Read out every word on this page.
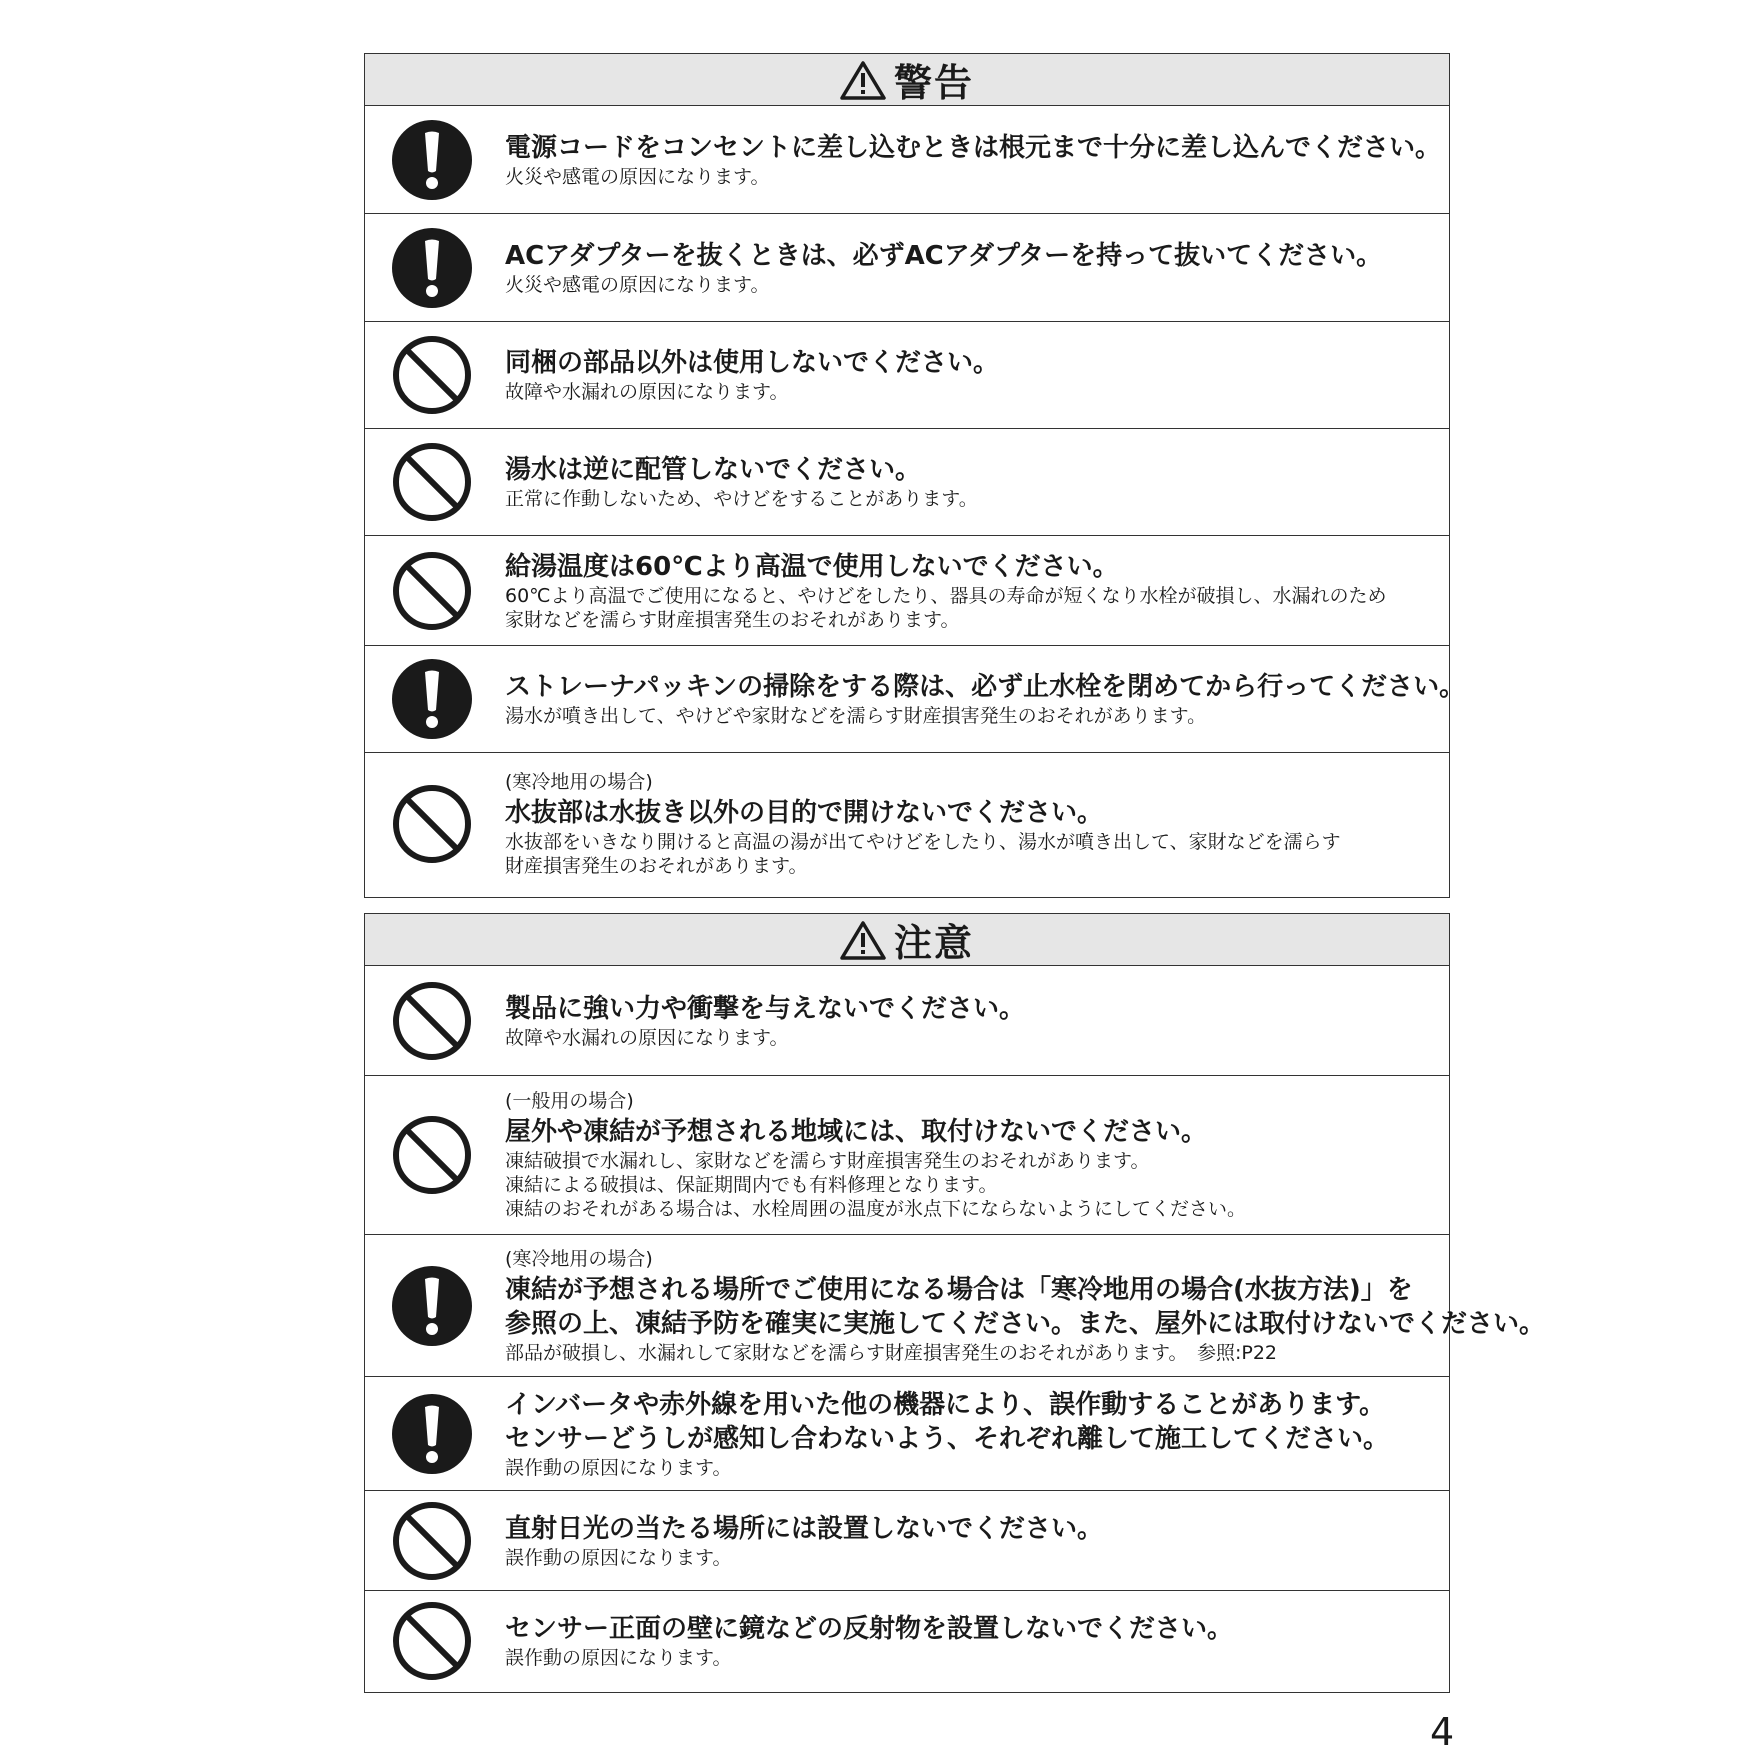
警告
電源コードをコンセントに差し込むときは根元まで十分に差し込んでください。
火災や感電の原因になります。
ACアダプターを抜くときは、必ずACアダプターを持って抜いてください。
火災や感電の原因になります。
同梱の部品以外は使用しないでください。
故障や水漏れの原因になります。
湯水は逆に配管しないでください。
正常に作動しないため、やけどをすることがあります。
給湯温度は60℃より高温で使用しないでください。
60℃より高温でご使用になると、やけどをしたり、器具の寿命が短くなり水栓が破損し、水漏れのため
家財などを濡らす財産損害発生のおそれがあります。
ストレーナパッキンの掃除をする際は、必ず止水栓を閉めてから行ってください。
湯水が噴き出して、やけどや家財などを濡らす財産損害発生のおそれがあります。
(寒冷地用の場合)
水抜部は水抜き以外の目的で開けないでください。
水抜部をいきなり開けると高温の湯が出てやけどをしたり、湯水が噴き出して、家財などを濡らす
財産損害発生のおそれがあります。
注意
製品に強い力や衝撃を与えないでください。
故障や水漏れの原因になります。
(一般用の場合)
屋外や凍結が予想される地域には、取付けないでください。
凍結破損で水漏れし、家財などを濡らす財産損害発生のおそれがあります。
凍結による破損は、保証期間内でも有料修理となります。
凍結のおそれがある場合は、水栓周囲の温度が氷点下にならないようにしてください。
(寒冷地用の場合)
凍結が予想される場所でご使用になる場合は「寒冷地用の場合(水抜方法)」を
参照の上、凍結予防を確実に実施してください。また、屋外には取付けないでください。
部品が破損し、水漏れして家財などを濡らす財産損害発生のおそれがあります。　参照:P22
インバータや赤外線を用いた他の機器により、誤作動することがあります。
センサーどうしが感知し合わないよう、それぞれ離して施工してください。
誤作動の原因になります。
直射日光の当たる場所には設置しないでください。
誤作動の原因になります。
センサー正面の壁に鏡などの反射物を設置しないでください。
誤作動の原因になります。
4
